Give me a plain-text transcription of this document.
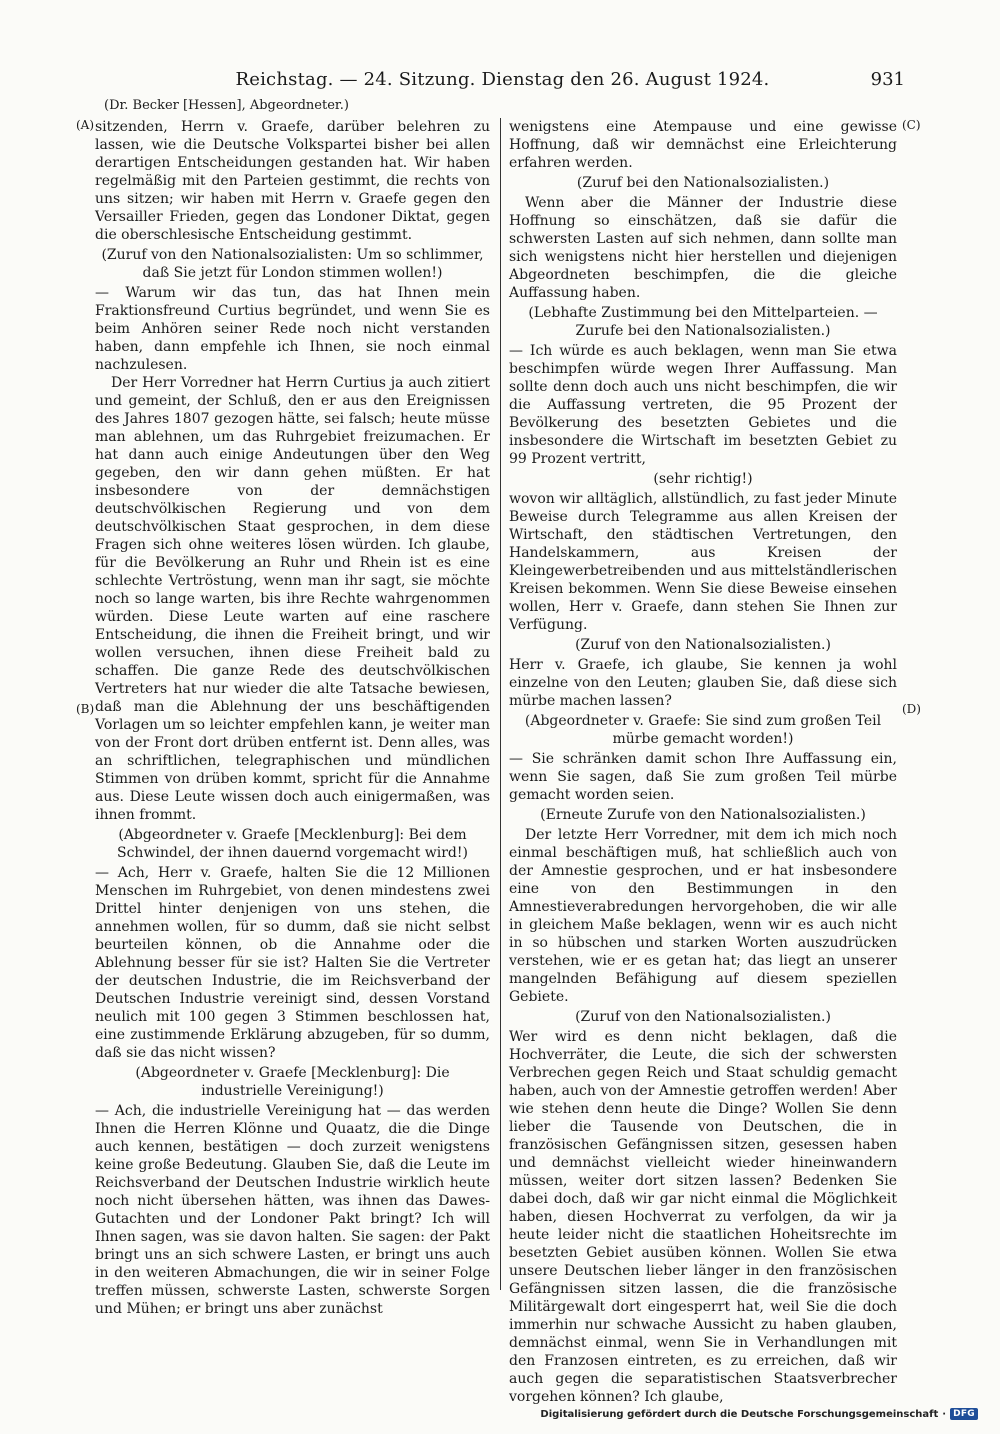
Reichstag. — 24. Sitzung. Dienstag den 26. August 1924.	931
(Dr. Becker [Hessen], Abgeordneter.)
(A)
(B)
(C)
(D)

sitzenden, Herrn v. Graefe, darüber belehren zu lassen, wie die Deutsche Volkspartei bisher bei allen derartigen Entscheidungen gestanden hat. Wir haben regelmäßig mit den Parteien gestimmt, die rechts von uns sitzen; wir haben mit Herrn v. Graefe gegen den Versailler Frieden, gegen das Londoner Diktat, gegen die oberschlesische Entscheidung gestimmt.

(Zuruf von den Nationalsozialisten: Um so schlimmer, daß Sie jetzt für London stimmen wollen!)

— Warum wir das tun, das hat Ihnen mein Fraktionsfreund Curtius begründet, und wenn Sie es beim Anhören seiner Rede noch nicht verstanden haben, dann empfehle ich Ihnen, sie noch einmal nachzulesen.

Der Herr Vorredner hat Herrn Curtius ja auch zitiert und gemeint, der Schluß, den er aus den Ereignissen des Jahres 1807 gezogen hätte, sei falsch; heute müsse man ablehnen, um das Ruhrgebiet freizumachen. Er hat dann auch einige Andeutungen über den Weg gegeben, den wir dann gehen müßten. Er hat insbesondere von der demnächstigen deutschvölkischen Regierung und von dem deutschvölkischen Staat gesprochen, in dem diese Fragen sich ohne weiteres lösen würden. Ich glaube, für die Bevölkerung an Ruhr und Rhein ist es eine schlechte Vertröstung, wenn man ihr sagt, sie möchte noch so lange warten, bis ihre Rechte wahrgenommen würden. Diese Leute warten auf eine raschere Entscheidung, die ihnen die Freiheit bringt, und wir wollen versuchen, ihnen diese Freiheit bald zu schaffen. Die ganze Rede des deutschvölkischen Vertreters hat nur wieder die alte Tatsache bewiesen, daß man die Ablehnung der uns beschäftigenden Vorlagen um so leichter empfehlen kann, je weiter man von der Front dort drüben entfernt ist. Denn alles, was an schriftlichen, telegraphischen und mündlichen Stimmen von drüben kommt, spricht für die Annahme aus. Diese Leute wissen doch auch einigermaßen, was ihnen frommt.

(Abgeordneter v. Graefe [Mecklenburg]: Bei dem Schwindel, der ihnen dauernd vorgemacht wird!)

— Ach, Herr v. Graefe, halten Sie die 12 Millionen Menschen im Ruhrgebiet, von denen mindestens zwei Drittel hinter denjenigen von uns stehen, die annehmen wollen, für so dumm, daß sie nicht selbst beurteilen können, ob die Annahme oder die Ablehnung besser für sie ist? Halten Sie die Vertreter der deutschen Industrie, die im Reichsverband der Deutschen Industrie vereinigt sind, dessen Vorstand neulich mit 100 gegen 3 Stimmen beschlossen hat, eine zustimmende Erklärung abzugeben, für so dumm, daß sie das nicht wissen?

(Abgeordneter v. Graefe [Mecklenburg]: Die industrielle Vereinigung!)

— Ach, die industrielle Vereinigung hat — das werden Ihnen die Herren Klönne und Quaatz, die die Dinge auch kennen, bestätigen — doch zurzeit wenigstens keine große Bedeutung. Glauben Sie, daß die Leute im Reichsverband der Deutschen Industrie wirklich heute noch nicht übersehen hätten, was ihnen das Dawes-Gutachten und der Londoner Pakt bringt? Ich will Ihnen sagen, was sie davon halten. Sie sagen: der Pakt bringt uns an sich schwere Lasten, er bringt uns auch in den weiteren Abmachungen, die wir in seiner Folge treffen müssen, schwerste Lasten, schwerste Sorgen und Mühen; er bringt uns aber zunächst

wenigstens eine Atempause und eine gewisse Hoffnung, daß wir demnächst eine Erleichterung erfahren werden.

(Zuruf bei den Nationalsozialisten.)

Wenn aber die Männer der Industrie diese Hoffnung so einschätzen, daß sie dafür die schwersten Lasten auf sich nehmen, dann sollte man sich wenigstens nicht hier herstellen und diejenigen Abgeordneten beschimpfen, die die gleiche Auffassung haben.

(Lebhafte Zustimmung bei den Mittelparteien. — Zurufe bei den Nationalsozialisten.)

— Ich würde es auch beklagen, wenn man Sie etwa beschimpfen würde wegen Ihrer Auffassung. Man sollte denn doch auch uns nicht beschimpfen, die wir die Auffassung vertreten, die 95 Prozent der Bevölkerung des besetzten Gebietes und die insbesondere die Wirtschaft im besetzten Gebiet zu 99 Prozent vertritt,

(sehr richtig!)

wovon wir alltäglich, allstündlich, zu fast jeder Minute Beweise durch Telegramme aus allen Kreisen der Wirtschaft, den städtischen Vertretungen, den Handelskammern, aus Kreisen der Kleingewerbetreibenden und aus mittelständlerischen Kreisen bekommen. Wenn Sie diese Beweise einsehen wollen, Herr v. Graefe, dann stehen Sie Ihnen zur Verfügung.

(Zuruf von den Nationalsozialisten.)

Herr v. Graefe, ich glaube, Sie kennen ja wohl einzelne von den Leuten; glauben Sie, daß diese sich mürbe machen lassen?

(Abgeordneter v. Graefe: Sie sind zum großen Teil mürbe gemacht worden!)

— Sie schränken damit schon Ihre Auffassung ein, wenn Sie sagen, daß Sie zum großen Teil mürbe gemacht worden seien.

(Erneute Zurufe von den Nationalsozialisten.)

Der letzte Herr Vorredner, mit dem ich mich noch einmal beschäftigen muß, hat schließlich auch von der Amnestie gesprochen, und er hat insbesondere eine von den Bestimmungen in den Amnestieverabredungen hervorgehoben, die wir alle in gleichem Maße beklagen, wenn wir es auch nicht in so hübschen und starken Worten auszudrücken verstehen, wie er es getan hat; das liegt an unserer mangelnden Befähigung auf diesem speziellen Gebiete.

(Zuruf von den Nationalsozialisten.)

Wer wird es denn nicht beklagen, daß die Hochverräter, die Leute, die sich der schwersten Verbrechen gegen Reich und Staat schuldig gemacht haben, auch von der Amnestie getroffen werden! Aber wie stehen denn heute die Dinge? Wollen Sie denn lieber die Tausende von Deutschen, die in französischen Gefängnissen sitzen, gesessen haben und demnächst vielleicht wieder hineinwandern müssen, weiter dort sitzen lassen? Bedenken Sie dabei doch, daß wir gar nicht einmal die Möglichkeit haben, diesen Hochverrat zu verfolgen, da wir ja heute leider nicht die staatlichen Hoheitsrechte im besetzten Gebiet ausüben können. Wollen Sie etwa unsere Deutschen lieber länger in den französischen Gefängnissen sitzen lassen, die die französische Militärgewalt dort eingesperrt hat, weil Sie die doch immerhin nur schwache Aussicht zu haben glauben, demnächst einmal, wenn Sie in Verhandlungen mit den Franzosen eintreten, es zu erreichen, daß wir auch gegen die separatistischen Staatsverbrecher vorgehen können? Ich glaube,

Digitalisierung gefördert durch die Deutsche Forschungsgemeinschaft · DFG
